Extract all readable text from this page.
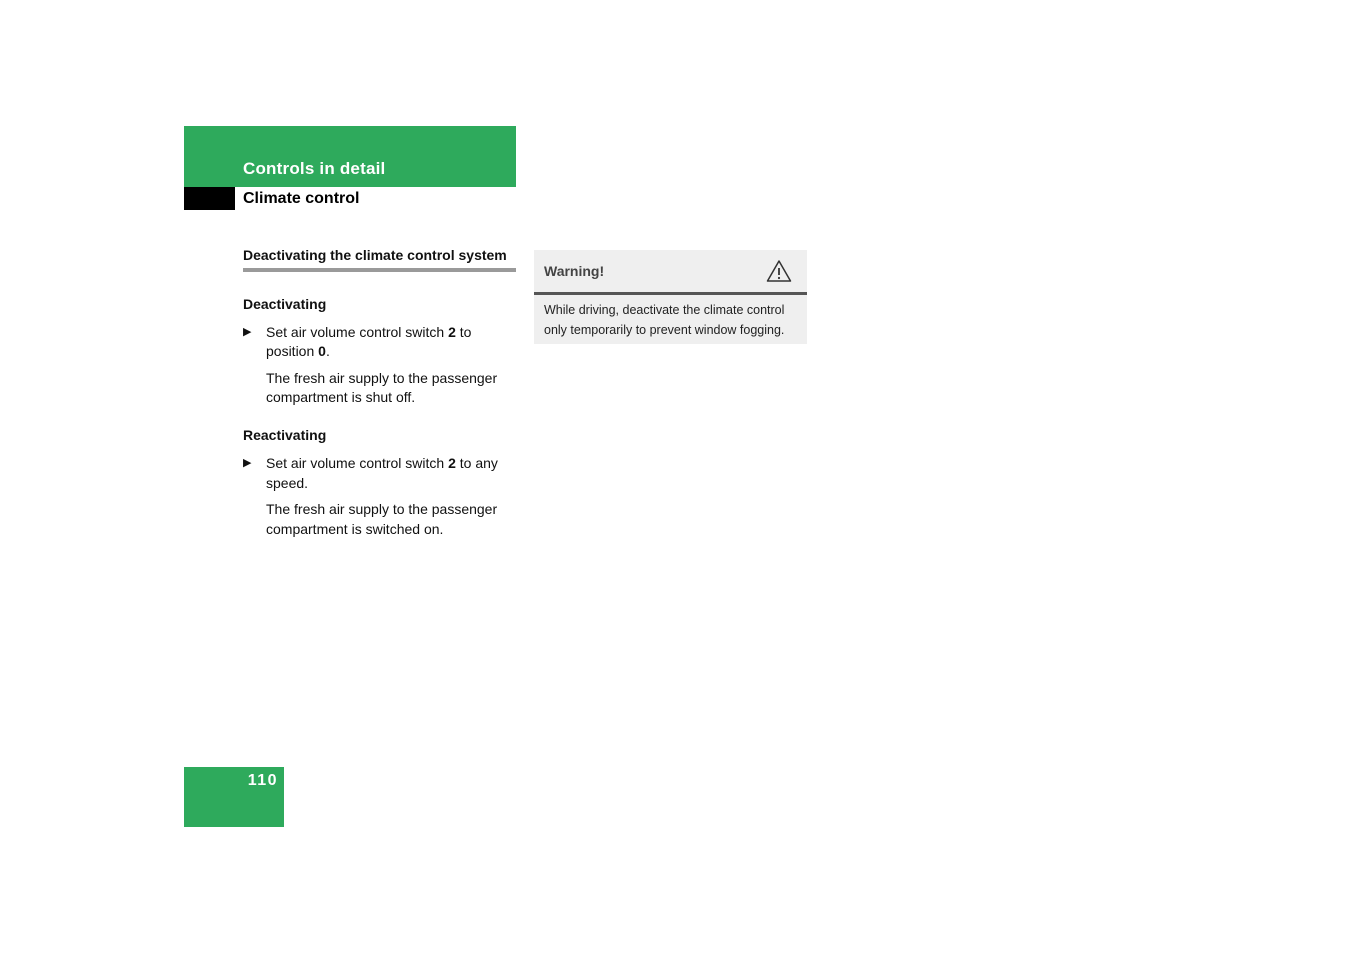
Controls in detail
Climate control

Deactivating the climate control system

Deactivating

▶ Set air volume control switch 2 to position 0.

The fresh air supply to the passenger compartment is shut off.

Reactivating

▶ Set air volume control switch 2 to any speed.

The fresh air supply to the passenger compartment is switched on.

Warning!
While driving, deactivate the climate control only temporarily to prevent window fogging.
110
